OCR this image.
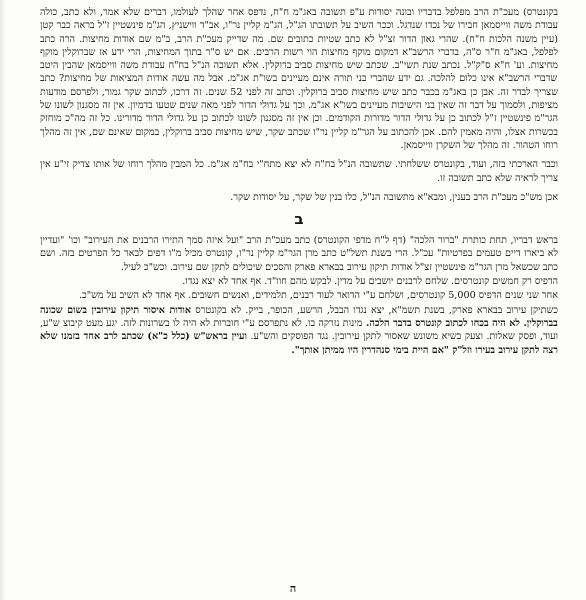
בקונטרס) מעכ"ת הרב מפלפל בדבריו ובונה יסודות ע"פ תשובה באג"מ ח"ח, נדפס אחר שהלך לעולמו, דברים שלא אמר, ולא כתב, כולה עבודת משה ווייסמאן חבירו של נכדו שנדגל. וככר השיב על תשובתו הג"ל, הג"מ קליין נר"ו, אב"ד ווישניץ, הג"מ פינשטיין ז"ל בראה כבר קטן (עיין משנה הלכות ח"ח). שהרי גאון הדור זצ"ל לא כתב שטיות כתובים שם. מה שדייק מעכ"ת הרב, ב"מ שם אודות מחיצות. הרה כתב לפלפל, באג"מ ח"ר ס"ה, בדברי הרשב"א דמקום מוקף מחיצות הוי רשות הרבים. אם יש ס"ר בתוך המחיצות, הרי ידע אז שברוקלין מוקף מחיצות. וע' ח"א ס"ק"ל. נכתב שנת תשי"ב. שכתב שיש מחיצות סביב ברוקלין. אלא תשובה הנ"ל בח"ח עבודת משה ווייסמאן שהבין היטב שדברי הרשב"א אינו כלום להלכה. גם ידע שהברי בני תורה אינם מעיינים בשו"ת אג"מ. אבל מה עשה אודות המציאות של מחיצות? כתב שצריך לבדר זה. אבן כן באג"מ בכבר כתב שיש מחיצות סביב ברוקלין. וכתב זה לפני 52 שנים. זה דרכו, לכתוב שקר גמור, ולפרסם מודעות מציפות, ולסמוך על דבר זה שאין בני הישיבות מעיינים בשו"א אג"מ. וכך על גדולי הדור לפני מאה שנים שטעו בדמיון. אין זה מסגנון לשונו של הגר"מ פינשטיין ז"ל לכתוב כן על גדולי הדור מדורות הקודמים. וכן אין זה מסגנון לשונו לכתוב כן על גדולי הדור מדורינו. כל זה מה"כ מוחזק בכשרות אצלו, והיה מאמין להם. אכן להכתוב על הגר"מ קליין נר"ו שכתב שקר, שיש מחיצות סביב ברוקלין, במקום שאינם שם, אין זה מהלך רוחו הטהור. זה מהלך של השקרן ווייסמאן.
וכבר הארכתי בזה, ועוד, בקונטרס ששלחתי. שתשובה הנ"ל בח"ח לא יצא מתח"י בח"מ אג"מ. כל המבין מהלך רוחו של אותו צדיק זי"ע אין צריך לראיה שלא כתב תשובה זו.
אכן מש"כ מעכ"ת הרב בענין, ומבא"א מתשובה הנ"ל, כלו בנין של שקר, על יסודות שקר.
ב
בראש דבריו, תחת כותרת "ברור הלכה" (דף ל"ח מדפי הקונטרס) כתב מעכ"ת הרב "ועל איזה סמך התירו הרבנים את העירוב" וכו' "ועדיין לא ביארו דיים טעמים בפרטיות" עכ"ל. הרי בשנת תשל"ט כתב מרן הגר"מ קליין נר"ו, קונטרס מכיל מ"ו דפים לבאר כל הפרטים בזה. ושם כתב שכשאל מרן הגר"מ פינשטיין זצ"ל אודות תיקון עירוב בבארא פארק והסכים שיכולים לתקן שם עירוב. וכש"כ לעיל.
הדפיס רק חמשים קונטרסים. שלחם לרבנים יושבים על מדין. לבקש מהם חוו"ד. אף אחד לא יצא נגדו.
אחר שני שנים הדפיס 5,000 קונטרסים, ושלחם ע"י הדואר לעוד רבנים, תלמידים, ואנשים חשובים. אף אחד לא השיב על מש"כ.
כשתיקן עירוב בבארא פארק, בשנת תשמ"א, יצא נגדו הבבל, הרשע, הכופר, בייק. לא בקונטרס אודות איסור תיקון עירובין בשום שכונה בברוקלין. לא היה בכחו לכתוב קונטרס בדבר הלכה. מינות נזרקה בו. לא נתפרסם ע"י חוברות לא היה לו בשרונות לזה. יגע מעט קיבוצ ש"ע, ועוד, ופסק שאלות. וצעק בשיא משונש שאסור לתקן עירובין. נגד הפוסקים והש"ע. ועיין בראש"ש (כלל כ"א) שכתב לרב אחד בזמנו שלא רצה לתקן עירוב בעירו וזל"ק "אם היית בימי סנהדרין היו ממיתן אותך".
ה
